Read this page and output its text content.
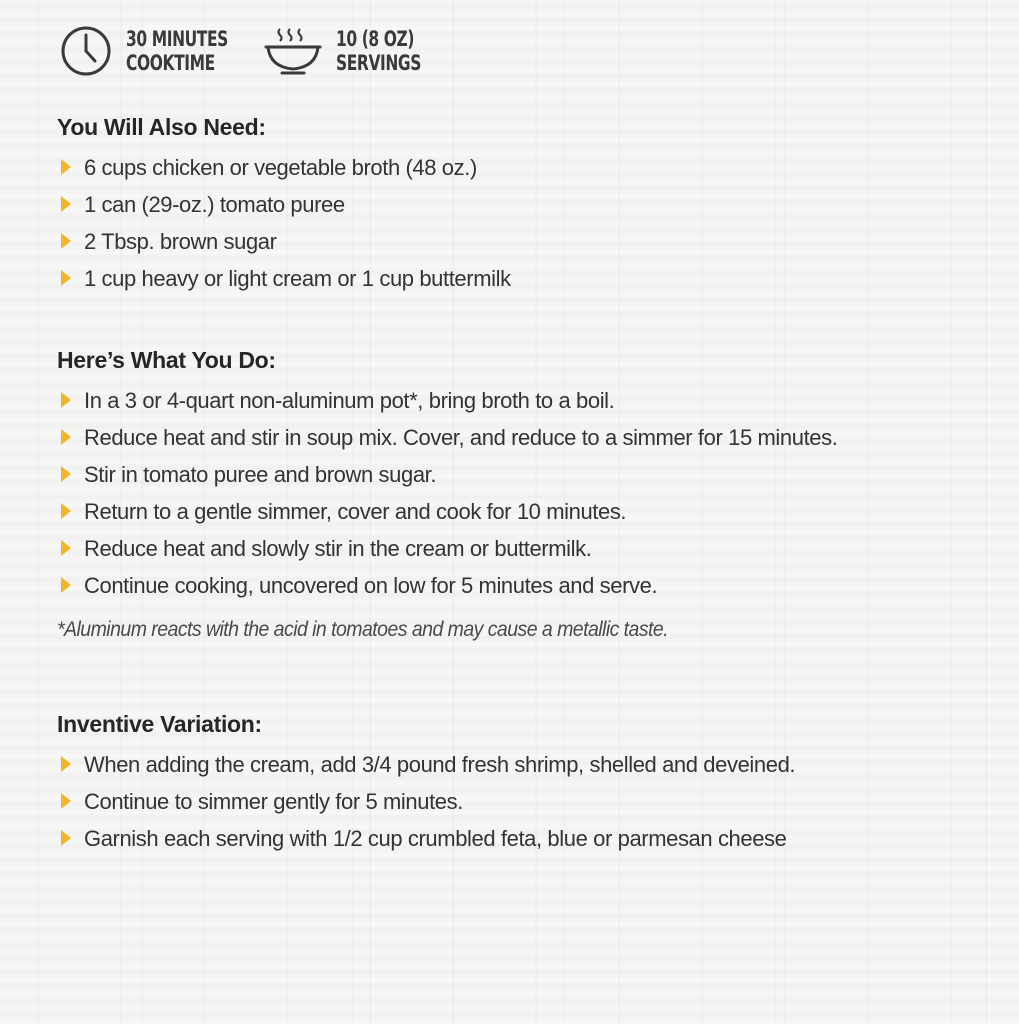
30 MINUTES
COOKTIME
10 (8 OZ)
SERVINGS
You Will Also Need:
6 cups chicken or vegetable broth (48 oz.)
1 can (29-oz.) tomato puree
2 Tbsp. brown sugar
1 cup heavy or light cream or 1 cup buttermilk
Here’s What You Do:
In a 3 or 4-quart non-aluminum pot*, bring broth to a boil.
Reduce heat and stir in soup mix. Cover, and reduce to a simmer for 15 minutes.
Stir in tomato puree and brown sugar.
Return to a gentle simmer, cover and cook for 10 minutes.
Reduce heat and slowly stir in the cream or buttermilk.
Continue cooking, uncovered on low for 5 minutes and serve.
*Aluminum reacts with the acid in tomatoes and may cause a metallic taste.
Inventive Variation:
When adding the cream, add 3/4 pound fresh shrimp, shelled and deveined.
Continue to simmer gently for 5 minutes.
Garnish each serving with 1/2 cup crumbled feta, blue or parmesan cheese
